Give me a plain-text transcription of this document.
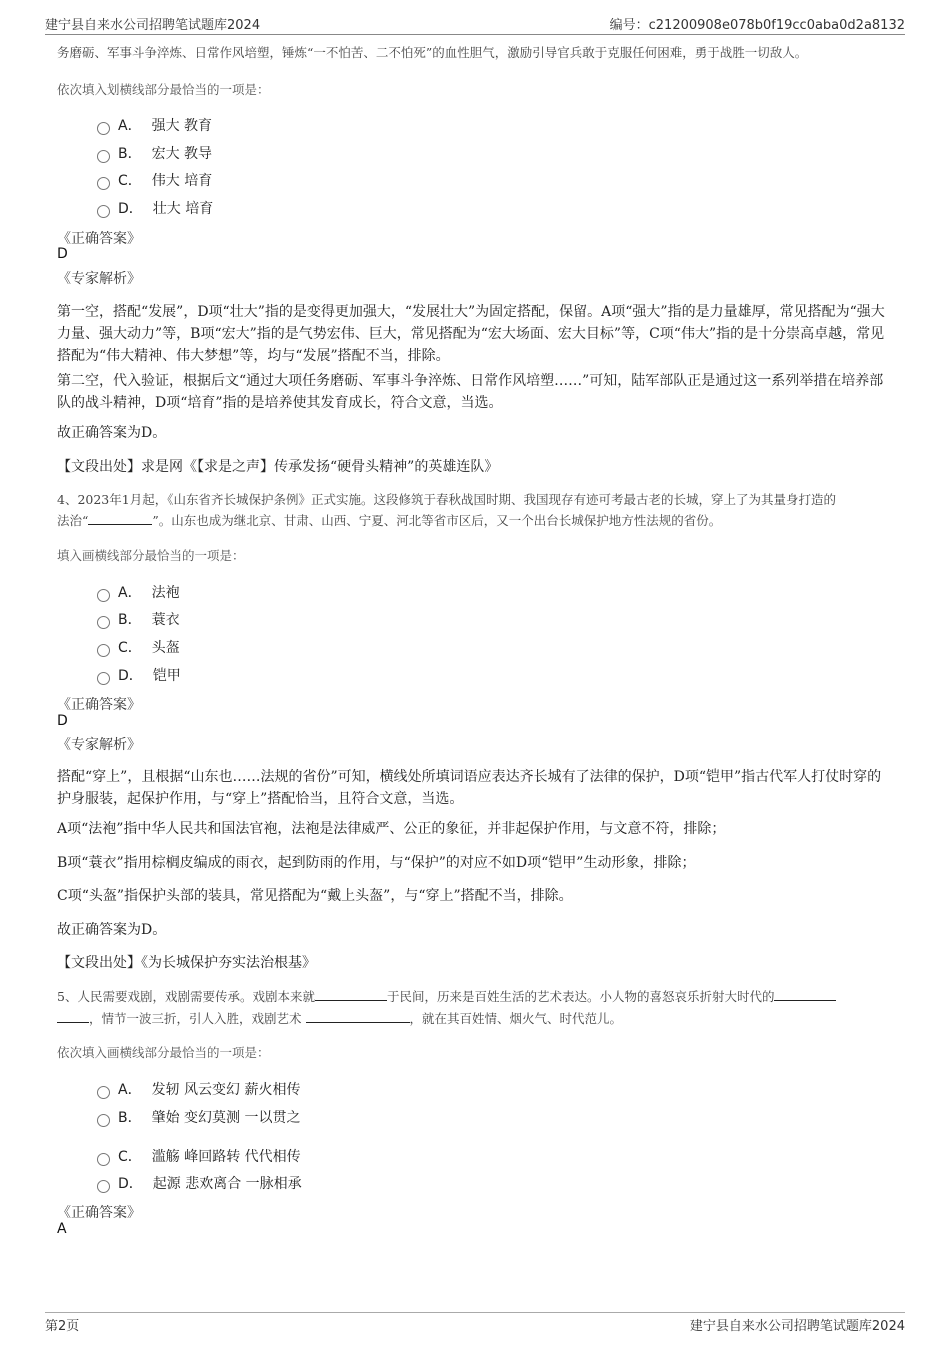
建宁县自来水公司招聘笔试题库2024	编号：c21200908e078b0f19cc0aba0d2a8132
务磨砺、军事斗争淬炼、日常作风培塑，锤炼“一不怕苦、二不怕死”的血性胆气，激励引导官兵敢于克服任何困难，勇于战胜一切敌人。
依次填入划横线部分最恰当的一项是：
A． 强大 教育
B． 宏大 教导
C． 伟大 培育
D． 壮大 培育
《正确答案》
D
《专家解析》
第一空，搭配“发展”，D项“壮大”指的是变得更加强大，“发展壮大”为固定搭配，保留。A项“强大”指的是力量雄厚，常见搭配为“强大力量、强大动力”等，B项“宏大”指的是气势宏伟、巨大，常见搭配为“宏大场面、宏大目标”等，C项“伟大”指的是十分崇高卓越，常见搭配为“伟大精神、伟大梦想”等，均与“发展”搭配不当，排除。
第二空，代入验证，根据后文“通过大项任务磨砺、军事斗争淬炼、日常作风培塑……”可知，陆军部队正是通过这一系列举措在培养部队的战斗精神，D项“培育”指的是培养使其发育成长，符合文意，当选。
故正确答案为D。
【文段出处】求是网《【求是之声】传承发扬“硬骨头精神”的英雄连队》
4、2023年1月起，《山东省齐长城保护条例》正式实施。这段修筑于春秋战国时期、我国现存有迹可考最古老的长城，穿上了为其量身打造的
法治“	”。山东也成为继北京、甘肃、山西、宁夏、河北等省市区后，又一个出台长城保护地方性法规的省份。
填入画横线部分最恰当的一项是：
A． 法袍
B． 蓑衣
C． 头盔
D． 铠甲
《正确答案》
D
《专家解析》
搭配“穿上”，且根据“山东也……法规的省份”可知，横线处所填词语应表达齐长城有了法律的保护，D项“铠甲”指古代军人打仗时穿的护身服装，起保护作用，与“穿上”搭配恰当，且符合文意，当选。
A项“法袍”指中华人民共和国法官袍，法袍是法律威严、公正的象征，并非起保护作用，与文意不符，排除；
B项“蓑衣”指用棕榈皮编成的雨衣，起到防雨的作用，与“保护”的对应不如D项“铠甲”生动形象，排除；
C项“头盔”指保护头部的装具，常见搭配为“戴上头盔”，与“穿上”搭配不当，排除。
故正确答案为D。
【文段出处】《为长城保护夯实法治根基》
5、人民需要戏剧，戏剧需要传承。戏剧本来就	于民间，历来是百姓生活的艺术表达。小人物的喜怒哀乐折射大时代的
，情节一波三折，引人入胜，戏剧艺术	，就在其百姓情、烟火气、时代范儿。
依次填入画横线部分最恰当的一项是：
A． 发轫 风云变幻 薪火相传
B． 肇始 变幻莫测 一以贯之
C． 滥觞 峰回路转 代代相传
D． 起源 悲欢离合 一脉相承
《正确答案》
A
第2页	建宁县自来水公司招聘笔试题库2024
